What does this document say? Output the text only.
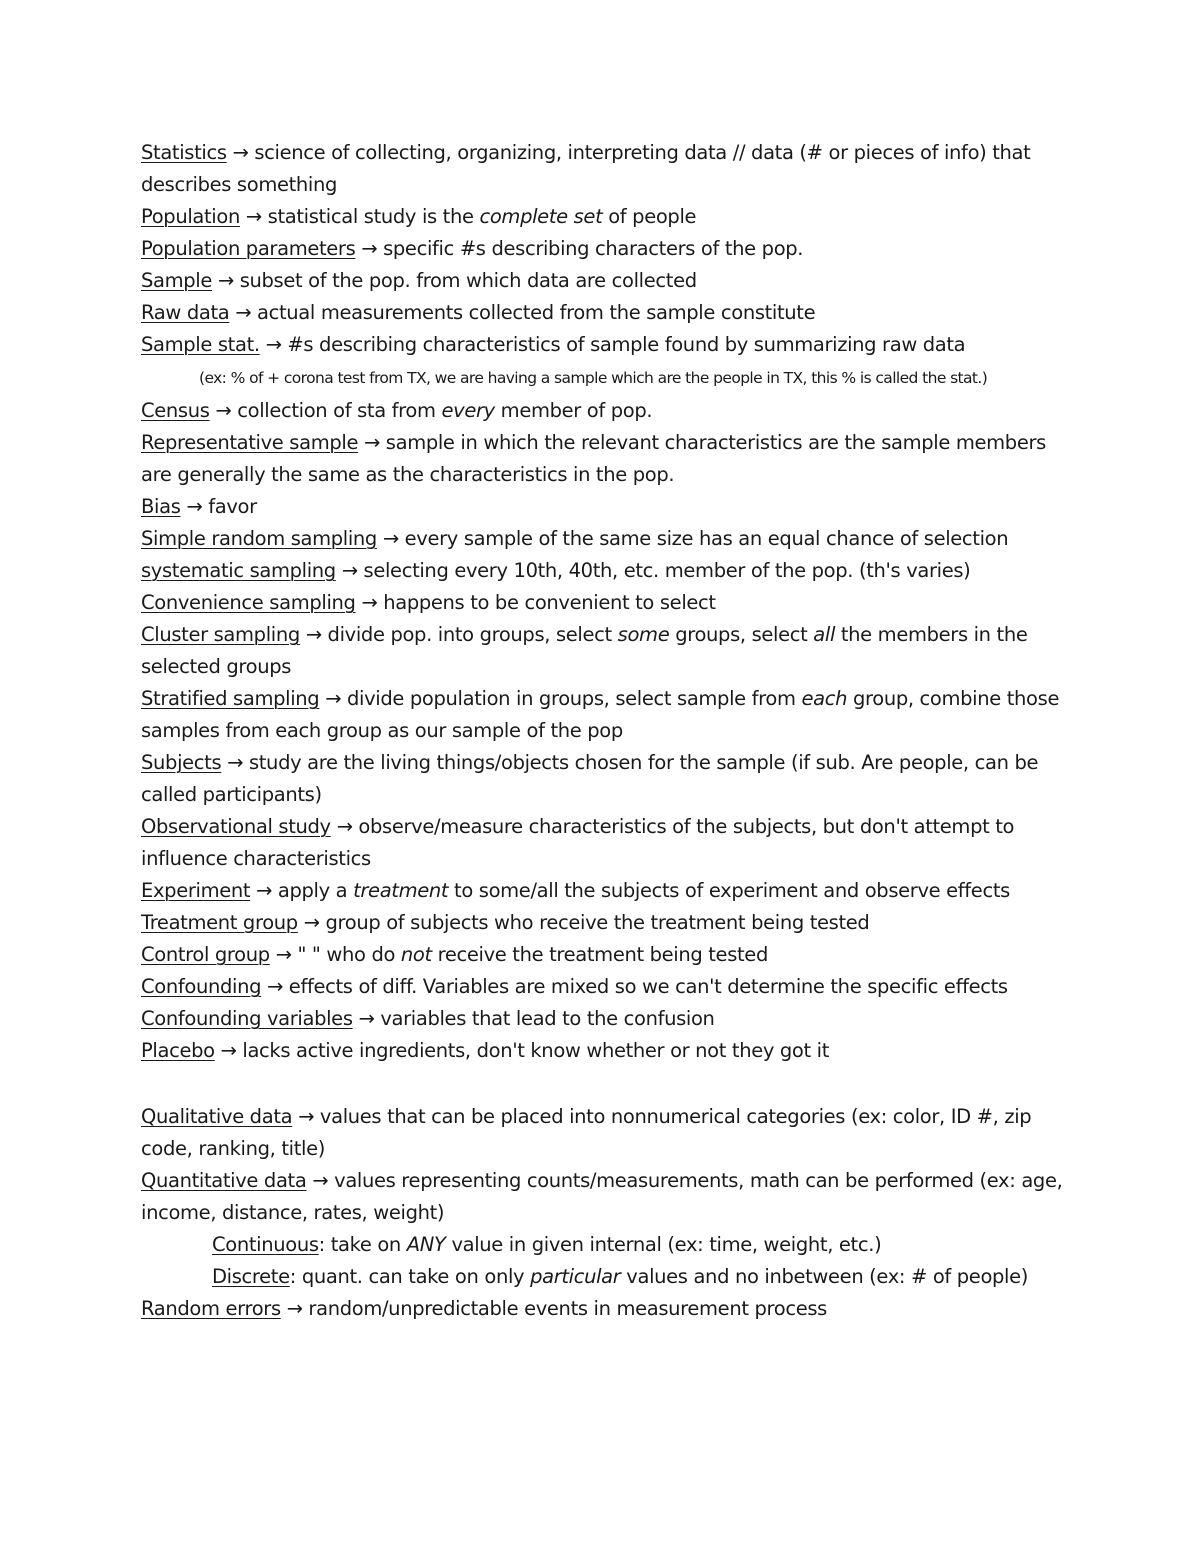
Statistics → science of collecting, organizing, interpreting data // data (# or pieces of info) that describes something

Population → statistical study is the complete set of people

Population parameters → specific #s describing characters of the pop.

Sample → subset of the pop. from which data are collected

Raw data → actual measurements collected from the sample constitute

Sample stat. → #s describing characteristics of sample found by summarizing raw data

(ex: % of + corona test from TX, we are having a sample which are the people in TX, this % is called the stat.)

Census → collection of sta from every member of pop.

Representative sample → sample in which the relevant characteristics are the sample members are generally the same as the characteristics in the pop.

Bias → favor

Simple random sampling → every sample of the same size has an equal chance of selection

systematic sampling → selecting every 10th, 40th, etc. member of the pop. (th's varies)

Convenience sampling → happens to be convenient to select

Cluster sampling → divide pop. into groups, select some groups, select all the members in the selected groups

Stratified sampling → divide population in groups, select sample from each group, combine those samples from each group as our sample of the pop

Subjects → study are the living things/objects chosen for the sample (if sub. Are people, can be called participants)

Observational study → observe/measure characteristics of the subjects, but don't attempt to influence characteristics

Experiment → apply a treatment to some/all the subjects of experiment and observe effects

Treatment group → group of subjects who receive the treatment being tested

Control group → " " who do not receive the treatment being tested

Confounding → effects of diff. Variables are mixed so we can't determine the specific effects

Confounding variables → variables that lead to the confusion

Placebo → lacks active ingredients, don't know whether or not they got it

Qualitative data → values that can be placed into nonnumerical categories (ex: color, ID #, zip code, ranking, title)

Quantitative data → values representing counts/measurements, math can be performed (ex: age, income, distance, rates, weight)

Continuous: take on ANY value in given internal (ex: time, weight, etc.)

Discrete: quant. can take on only particular values and no inbetween (ex: # of people)

Random errors → random/unpredictable events in measurement process
